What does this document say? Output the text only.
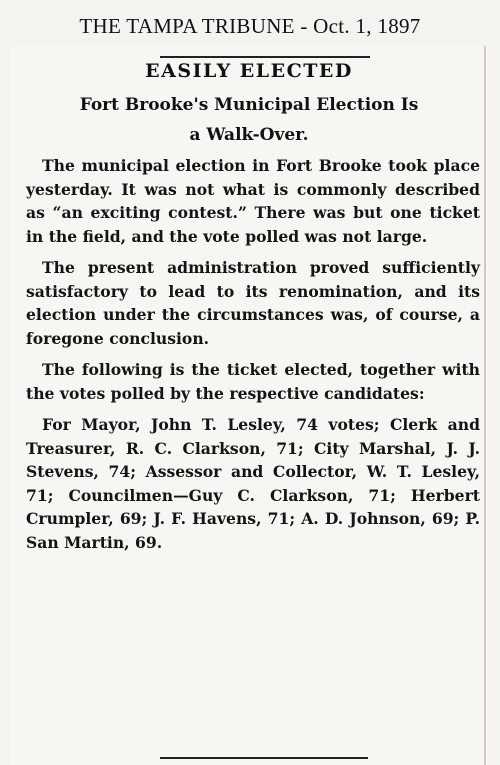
THE TAMPA TRIBUNE - Oct. 1, 1897
EASILY ELECTED
Fort Brooke's Municipal Election Is
a Walk-Over.

The municipal election in Fort Brooke took place yesterday. It was not what is commonly described as “an exciting contest.” There was but one ticket in the field, and the vote polled was not large.

The present administration proved sufficiently satisfactory to lead to its renomination, and its election under the circumstances was, of course, a foregone conclusion.

The following is the ticket elected, together with the votes polled by the respective candidates:

For Mayor, John T. Lesley, 74 votes; Clerk and Treasurer, R. C. Clarkson, 71; City Marshal, J. J. Stevens, 74; Assessor and Collector, W. T. Lesley, 71; Councilmen—Guy C. Clarkson, 71; Herbert Crumpler, 69; J. F. Havens, 71; A. D. Johnson, 69; P. San Martin, 69.
